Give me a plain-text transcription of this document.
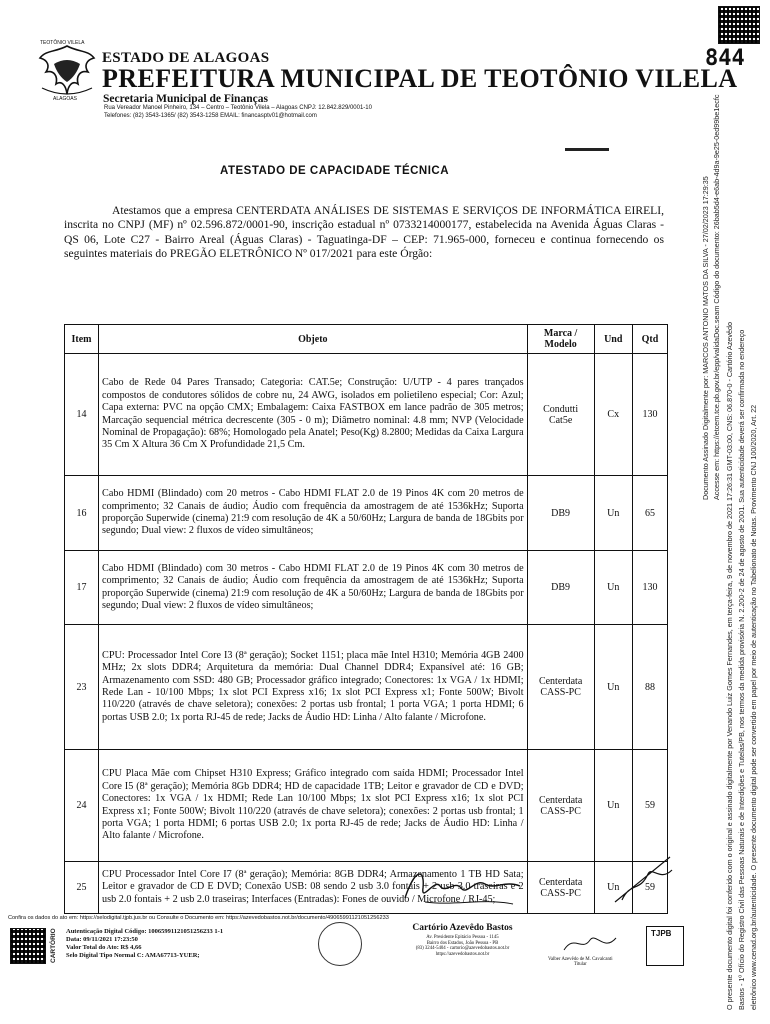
ALAGOAS
TEOTÔNIO VILELA
ESTADO DE ALAGOAS
PREFEITURA MUNICIPAL DE TEOTÔNIO VILELA
Secretaria Municipal de Finanças
Rua Vereador Manoel Pinheiro, 134 – Centro – Teotônio Vilela – Alagoas CNPJ: 12.842.829/0001-10
Telefones: (82) 3543-1365/ (82) 3543-1258 EMAIL: financasptv01@hotmail.com
844
ATESTADO DE CAPACIDADE TÉCNICA

Atestamos que a empresa CENTERDATA ANÁLISES DE SISTEMAS E SERVIÇOS DE INFORMÁTICA EIRELI, inscrita no CNPJ (MF) nº 02.596.872/0001-90, inscrição estadual nº 0733214000177, estabelecida na Avenida Águas Claras - QS 06, Lote C27 - Bairro Areal (Águas Claras) - Taguatinga-DF – CEP: 71.965-000, forneceu e continua fornecendo os seguintes materiais do PREGÃO ELETRÔNICO Nº 017/2021 para este Órgão:

Item	Objeto	Marca / Modelo	Und	Qtd
14	Cabo de Rede 04 Pares Transado; Categoria: CAT.5e; Construção: U/UTP - 4 pares trançados compostos de condutores sólidos de cobre nu, 24 AWG, isolados em polietileno especial; Cor: Azul; Capa externa: PVC na opção CMX; Embalagem: Caixa FASTBOX em lance padrão de 305 metros; Marcação sequencial métrica decrescente (305 - 0 m); Diâmetro nominal: 4.8 mm; NVP (Velocidade Nominal de Propagação): 68%; Homologado pela Anatel; Peso(Kg) 8.2800; Medidas da Caixa Largura 35 Cm X Altura 36 Cm X Profundidade 21,5 Cm.	Condutti Cat5e	Cx	130
16	Cabo HDMI (Blindado) com 20 metros - Cabo HDMI FLAT 2.0 de 19 Pinos 4K com 20 metros de comprimento; 32 Canais de áudio; Áudio com frequência da amostragem de até 1536kHz; Suporta proporção Superwide (cinema) 21:9 com resolução de 4K a 50/60Hz; Largura de banda de 18Gbits por segundo; Dual view: 2 fluxos de vídeo simultâneos;	DB9	Un	65
17	Cabo HDMI (Blindado) com 30 metros - Cabo HDMI FLAT 2.0 de 19 Pinos 4K com 30 metros de comprimento; 32 Canais de áudio; Áudio com frequência da amostragem de até 1536kHz; Suporta proporção Superwide (cinema) 21:9 com resolução de 4K a 50/60Hz; Largura de banda de 18Gbits por segundo; Dual view: 2 fluxos de vídeo simultâneos;	DB9	Un	130
23	CPU: Processador Intel Core I3 (8ª geração); Socket 1151; placa mãe Intel H310; Memória 4GB 2400 MHz; 2x slots DDR4; Arquitetura da memória: Dual Channel DDR4; Expansível até: 16 GB; Armazenamento com SSD: 480 GB; Processador gráfico integrado; Conectores: 1x VGA / 1x HDMI; Rede Lan - 10/100 Mbps; 1x slot PCI Express x16; 1x slot PCI Express x1; Fonte 500W; Bivolt 110/220 (através de chave seletora); conexões: 2 portas usb frontal; 1 porta VGA; 1 porta HDMI; 6 portas USB 2.0; 1x porta RJ-45 de rede; Jacks de Áudio HD: Linha / Alto falante / Microfone.	Centerdata CASS-PC	Un	88
24	CPU Placa Mãe com Chipset H310 Express; Gráfico integrado com saída HDMI; Processador Intel Core I5 (8ª geração); Memória 8Gb DDR4; HD de capacidade 1TB; Leitor e gravador de CD e DVD; Conectores: 1x VGA / 1x HDMI; Rede Lan 10/100 Mbps; 1x slot PCI Express x16; 1x slot PCI Express x1; Fonte 500W; Bivolt 110/220 (através de chave seletora); conexões: 2 portas usb frontal; 1 porta VGA; 1 porta HDMI; 6 portas USB 2.0; 1x porta RJ-45 de rede; Jacks de Áudio HD: Linha / Alto falante / Microfone.	Centerdata CASS-PC	Un	59
25	CPU Processador Intel Core I7 (8ª geração); Memória: 8GB DDR4; Armazenamento 1 TB HD Sata; Leitor e gravador de CD E DVD; Conexão USB: 08 sendo 2 usb 3.0 fontais + 2 usb 3.0 traseiras e 2 usb 2.0 fontais + 2 usb 2.0 traseiras; Interfaces (Entradas): Fones de ouvido / Microfone / RJ-45;	Centerdata CASS-PC	Un	59
Documento Assinado Digitalmente por: MARCOS ANTONIO MATOS DA SILVA - 27/02/2023 17:29:35 Accesse em: https://etcem.tce.pb.gov.br/epp/validaDoc.seam Código do documento: 26bab5d4-e6ab-4d9a-9e25-0ed99be1ecfc
O presente documento digital foi conferido com o original e assinado digitalmente por Venando Luiz Gomes Fernandes, em terça-feira, 9 de novembro de 2021 17:26:31 GMT-03:00, CNS: 06.870-0 - Cartório Azevêdo Bastos - 1º Ofício do Registro Civil das Pessoas Naturais e de Interdições e Tutelas/PB, nos termos da medida provisória N. 2.200-2 de 24 de agosto de 2001. Sua autenticidade deverá ser confirmada no endereço eletrônico www.cenad.org.br/autenticidade. O presente documento digital pode ser convertido em papel por meio de autenticação no Tabelionato de Notas. Provimento CNJ 100/2020, Art. 22
Confira os dados do ato em: https://selodigital.tjpb.jus.br ou Consulte o Documento em: https://azevedobastos.not.br/documento/49065991121051256233
CARTÓRIO Autenticação Digital Código: 10065991121051256233 1-1
Data: 09/11/2021 17:23:50
Valor Total do Ato: R$ 4,66
Selo Digital Tipo Normal C: AMA67713-YUER;
Cartório Azevêdo Bastos
Av. Presidente Epitácio Pessoa - 1145
Bairro dos Estados, João Pessoa - PB
(83) 3244-5404 - cartorio@azevedobastos.not.br
https://azevedobastos.not.br
Valber Azevêdo de M. Cavalcanti
Titular
TJPB
